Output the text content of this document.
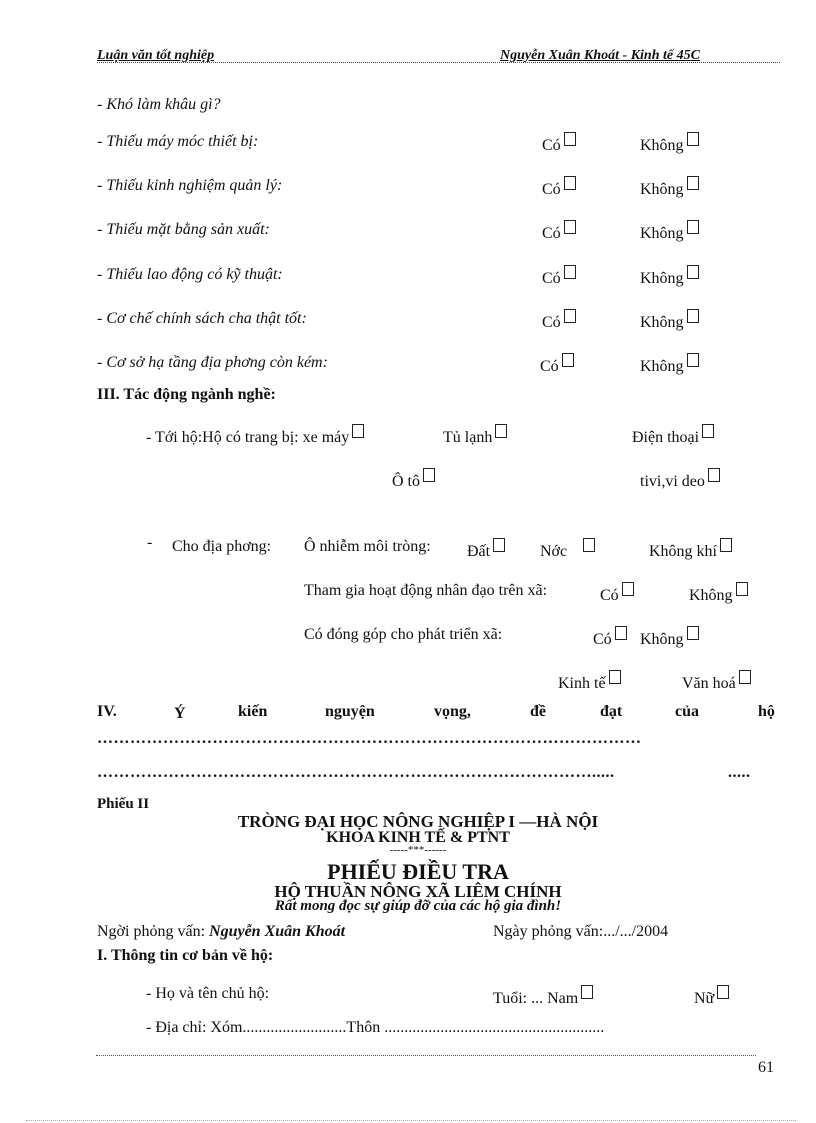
Luận văn tốt nghiệp	Nguyễn Xuân Khoát - Kinh tế 45C
- Khó làm khâu gì?
- Thiếu máy móc thiết bị:	Có	Không
- Thiếu kinh nghiệm quản lý:	Có	Không
- Thiếu mặt bằng sản xuất:	Có	Không
- Thiếu lao động có kỹ thuật:	Có	Không
- Cơ chế chính sách cha thật tốt:	Có	Không
- Cơ sở hạ tầng địa phơng còn kém:	Có	Không
III. Tác động ngành nghề:
- Tới hộ:Hộ có trang bị: xe máy	Tủ lạnh	Điện thoại
Ô tô	tivi,vi deo
- Cho địa phơng: Ô nhiễm môi tròng: Đất	Nớc	Không khí
Tham gia hoạt động nhân đạo trên xã:	Có	Không
Có đóng góp cho phát triển xã:	Có	Không
Kinh tế	Văn hoá
IV.	Ý	kiến	nguyện	vọng,	đề	đạt	của	hộ
………………………………………………………………………………………
……………………………………………………………………………….....	.....
Phiếu II
TRÒNG ĐẠI HỌC NÔNG NGHIỆP I —HÀ NỘI
KHOA KINH TẾ & PTNT
-----***------
PHIẾU ĐIỀU TRA
HỘ THUẦN NÔNG XÃ LIÊM CHÍNH
Rất mong đọc sự giúp đỡ của các hộ gia đình!
Ngời phỏng vấn: Nguyễn Xuân Khoát	Ngày phỏng vấn:.../.../2004
I. Thông tin cơ bản về hộ:
- Họ và tên chủ hộ:	Tuổi: ... Nam	Nữ
- Địa chỉ: Xóm..........................Thôn .......................................................
61
